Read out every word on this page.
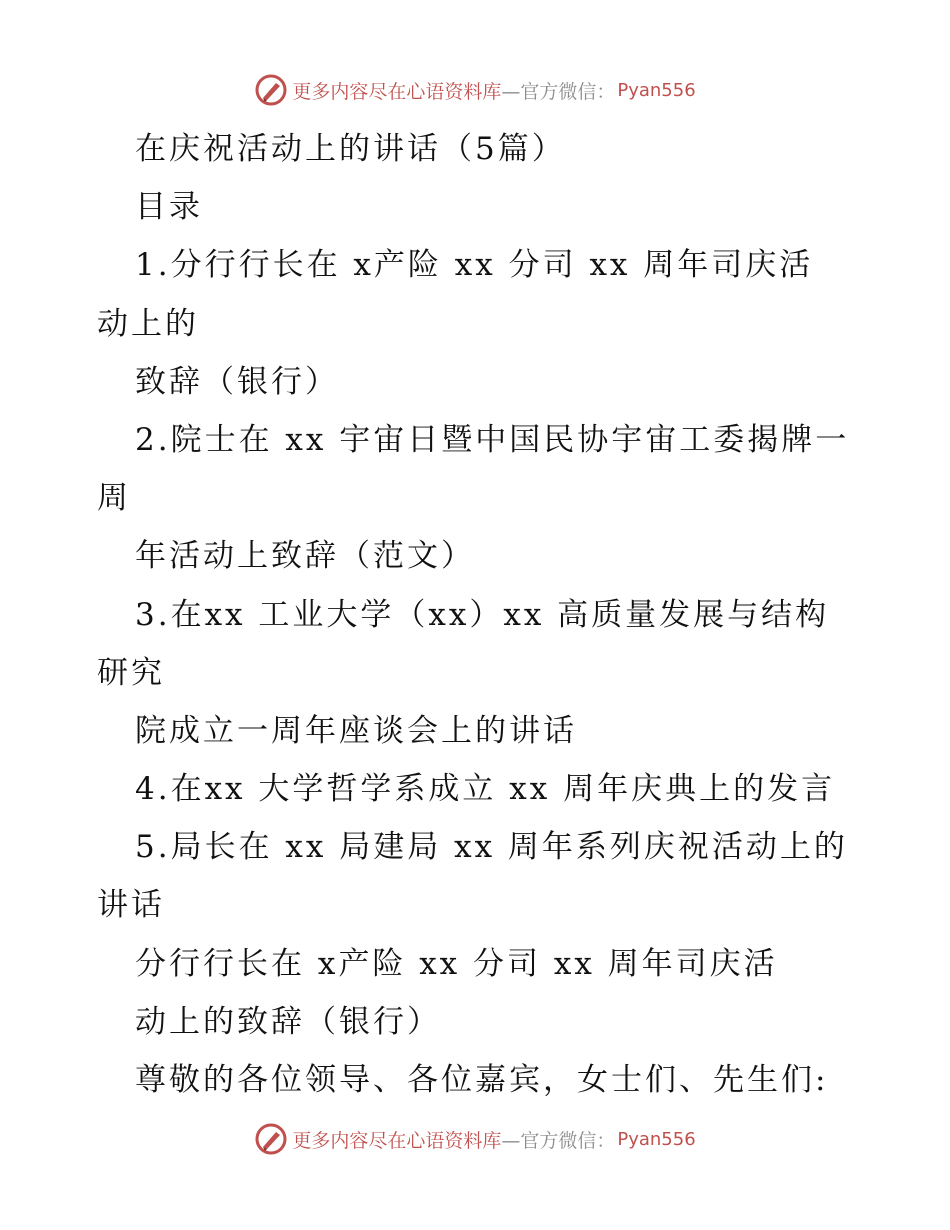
更多内容尽在心语资料库 —官方微信： Pyan556
在庆祝活动上的讲话（5篇）
目录
1.分行行长在 x产险 xx 分司 xx 周年司庆活
动上的
致辞（银行）
2.院士在 xx 宇宙日暨中国民协宇宙工委揭牌一
周
年活动上致辞（范文）
3.在xx 工业大学（xx）xx 高质量发展与结构
研究
院成立一周年座谈会上的讲话
4.在xx 大学哲学系成立 xx 周年庆典上的发言
5.局长在 xx 局建局 xx 周年系列庆祝活动上的
讲话
分行行长在 x产险 xx 分司 xx 周年司庆活
动上的致辞（银行）
尊敬的各位领导、各位嘉宾，女士们、先生们:
更多内容尽在心语资料库 —官方微信： Pyan556
